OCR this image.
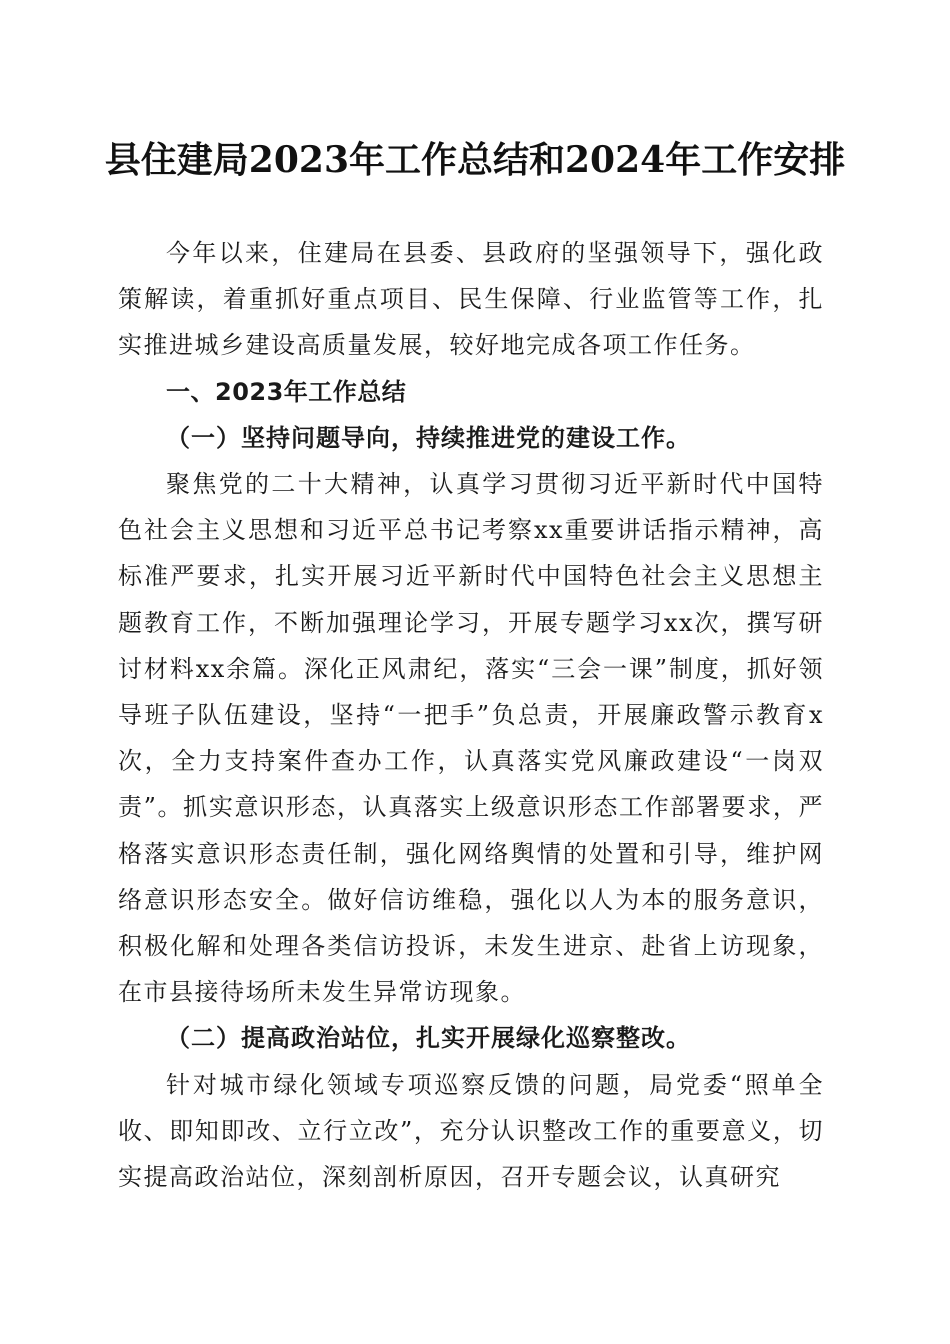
县住建局2023年工作总结和2024年工作安排

今年以来，住建局在县委、县政府的坚强领导下，强化政策解读，着重抓好重点项目、民生保障、行业监管等工作，扎实推进城乡建设高质量发展，较好地完成各项工作任务。

一、2023年工作总结

（一）坚持问题导向，持续推进党的建设工作。

聚焦党的二十大精神，认真学习贯彻习近平新时代中国特色社会主义思想和习近平总书记考察xx重要讲话指示精神，高标准严要求，扎实开展习近平新时代中国特色社会主义思想主题教育工作，不断加强理论学习，开展专题学习xx次，撰写研讨材料xx余篇。深化正风肃纪，落实“三会一课”制度，抓好领导班子队伍建设，坚持“一把手”负总责，开展廉政警示教育x次，全力支持案件查办工作，认真落实党风廉政建设“一岗双责”。抓实意识形态，认真落实上级意识形态工作部署要求，严格落实意识形态责任制，强化网络舆情的处置和引导，维护网络意识形态安全。做好信访维稳，强化以人为本的服务意识，积极化解和处理各类信访投诉，未发生进京、赴省上访现象，在市县接待场所未发生异常访现象。

（二）提高政治站位，扎实开展绿化巡察整改。

针对城市绿化领域专项巡察反馈的问题，局党委“照单全收、即知即改、立行立改”，充分认识整改工作的重要意义，切实提高政治站位，深刻剖析原因，召开专题会议，认真研究
